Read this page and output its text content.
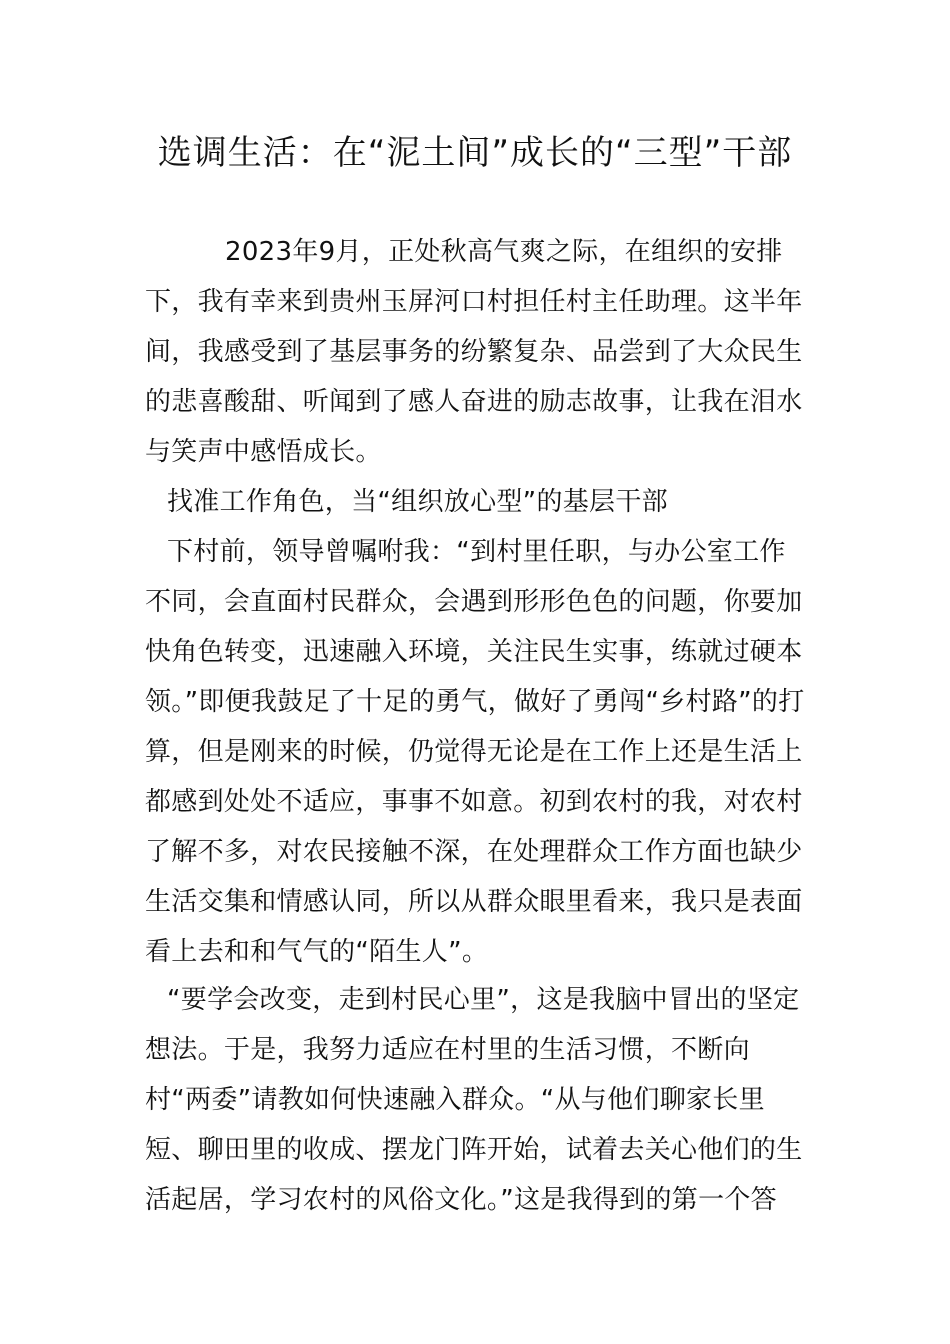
选调生活：在“泥土间”成长的“三型”干部

2023年9月，正处秋高气爽之际，在组织的安排下，我有幸来到贵州玉屏河口村担任村主任助理。这半年间，我感受到了基层事务的纷繁复杂、品尝到了大众民生的悲喜酸甜、听闻到了感人奋进的励志故事，让我在泪水与笑声中感悟成长。

找准工作角色，当“组织放心型”的基层干部

下村前，领导曾嘱咐我：“到村里任职，与办公室工作不同，会直面村民群众，会遇到形形色色的问题，你要加快角色转变，迅速融入环境，关注民生实事，练就过硬本领。”即便我鼓足了十足的勇气，做好了勇闯“乡村路”的打算，但是刚来的时候，仍觉得无论是在工作上还是生活上都感到处处不适应，事事不如意。初到农村的我，对农村了解不多，对农民接触不深，在处理群众工作方面也缺少生活交集和情感认同，所以从群众眼里看来，我只是表面看上去和和气气的“陌生人”。

“要学会改变，走到村民心里”，这是我脑中冒出的坚定想法。于是，我努力适应在村里的生活习惯，不断向村“两委”请教如何快速融入群众。“从与他们聊家长里短、聊田里的收成、摆龙门阵开始，试着去关心他们的生活起居，学习农村的风俗文化。”这是我得到的第一个答
